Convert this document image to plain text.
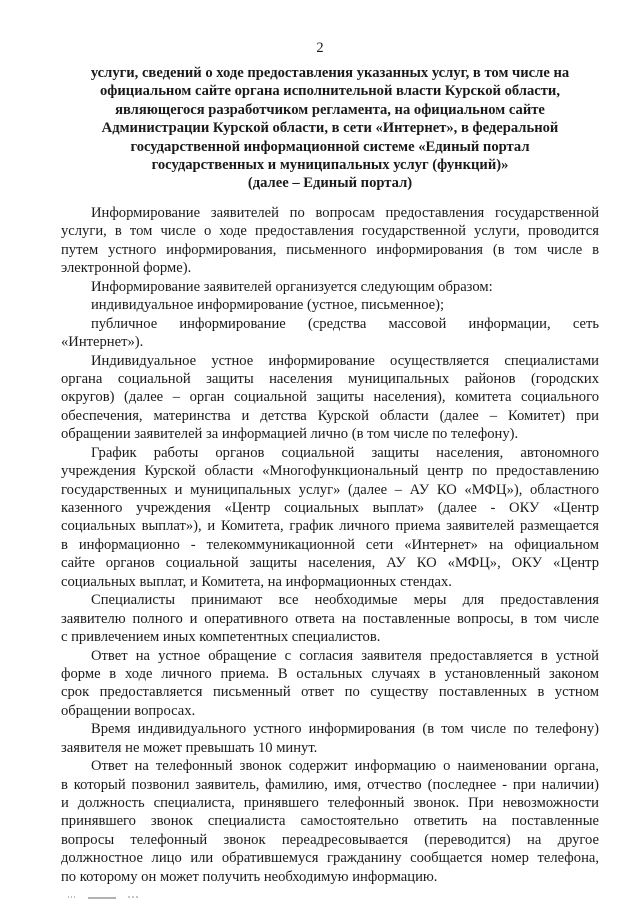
2
услуги, сведений о ходе предоставления указанных услуг, в том числе на
официальном сайте органа исполнительной власти Курской области,
являющегося разработчиком регламента, на официальном сайте
Администрации Курской области, в сети «Интернет», в федеральной
государственной информационной системе «Единый портал
государственных и муниципальных услуг (функций)»
(далее – Единый портал)
Информирование заявителей по вопросам предоставления государственной
услуги, в том числе о ходе предоставления государственной услуги, проводится
путем устного информирования, письменного информирования (в том числе в
электронной форме).
Информирование заявителей организуется следующим образом:
индивидуальное информирование (устное, письменное);
публичное информирование (средства массовой информации, сеть
«Интернет»).
Индивидуальное устное информирование осуществляется специалистами
органа социальной защиты населения муниципальных районов (городских
округов) (далее – орган социальной защиты населения), комитета социального
обеспечения, материнства и детства Курской области (далее – Комитет) при
обращении заявителей за информацией лично (в том числе по телефону).
График работы органов социальной защиты населения, автономного
учреждения Курской области «Многофункциональный центр по предоставлению
государственных и муниципальных услуг» (далее – АУ КО «МФЦ»), областного
казенного учреждения «Центр социальных выплат» (далее - ОКУ «Центр
социальных выплат»), и Комитета, график личного приема заявителей размещается
в информационно - телекоммуникационной сети «Интернет» на официальном
сайте органов социальной защиты населения, АУ КО «МФЦ», ОКУ «Центр
социальных выплат, и Комитета, на информационных стендах.
Специалисты принимают все необходимые меры для предоставления
заявителю полного и оперативного ответа на поставленные вопросы, в том числе
с привлечением иных компетентных специалистов.
Ответ на устное обращение с согласия заявителя предоставляется в устной
форме в ходе личного приема. В остальных случаях в установленный законом
срок предоставляется письменный ответ по существу поставленных в устном
обращении вопросах.
Время индивидуального устного информирования (в том числе по телефону)
заявителя не может превышать 10 минут.
Ответ на телефонный звонок содержит информацию о наименовании органа,
в который позвонил заявитель, фамилию, имя, отчество (последнее - при наличии)
и должность специалиста, принявшего телефонный звонок. При невозможности
принявшего звонок специалиста самостоятельно ответить на поставленные
вопросы телефонный звонок переадресовывается (переводится) на другое
должностное лицо или обратившемуся гражданину сообщается номер телефона,
по которому он может получить необходимую информацию.
